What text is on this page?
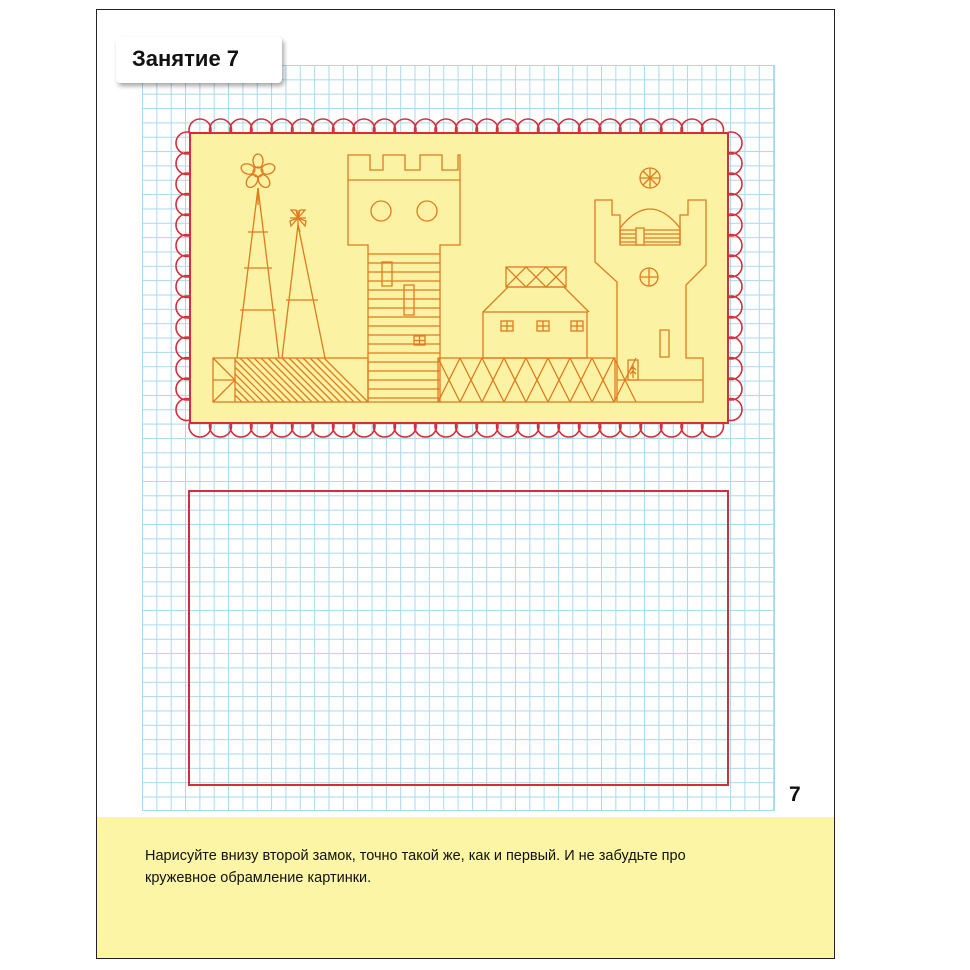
Занятие 7
7
Нарисуйте внизу второй замок, точно такой же, как и первый. И не забудьте про кружевное обрамление картинки.
